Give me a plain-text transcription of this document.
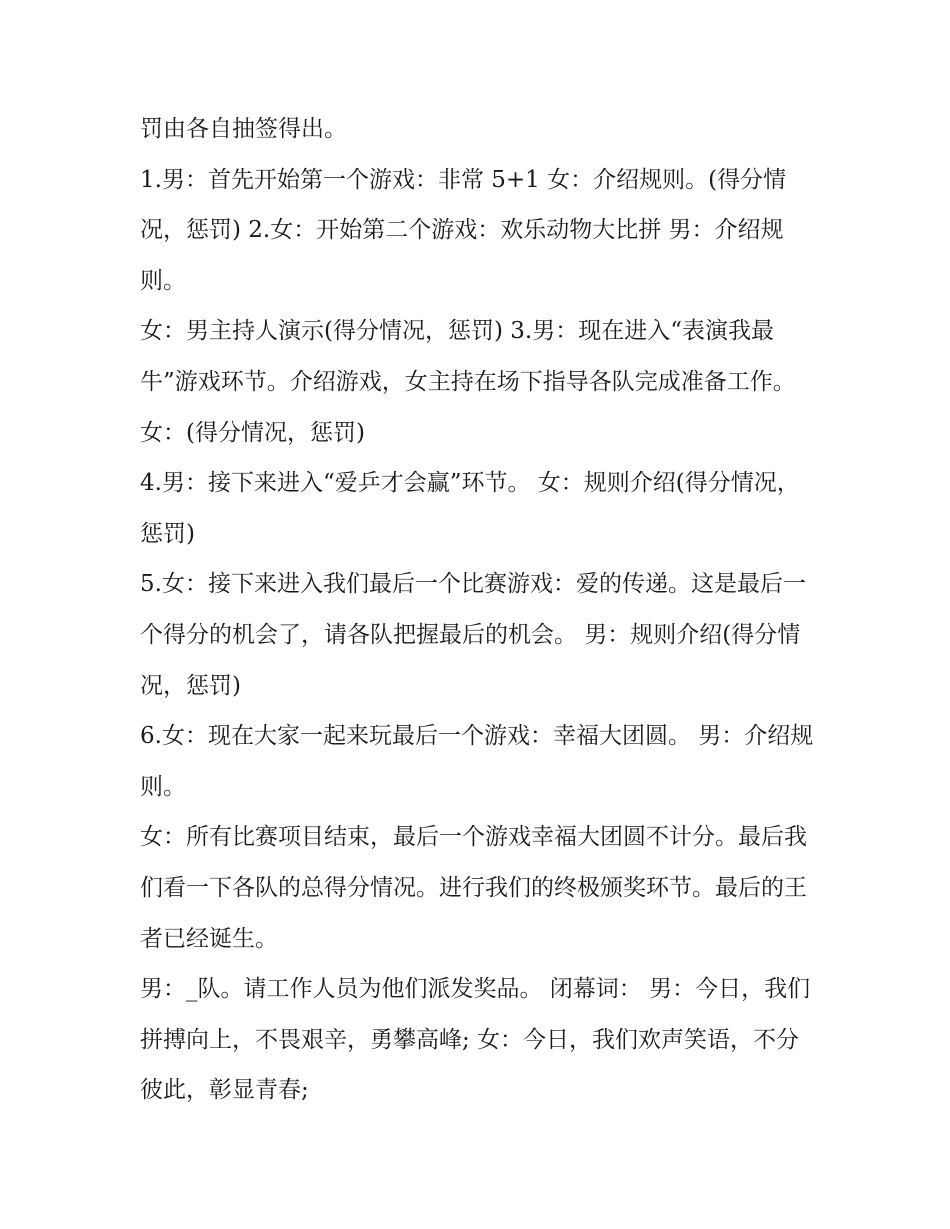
罚由各自抽签得出。

1.男：首先开始第一个游戏：非常 5+1 女：介绍规则。(得分情况，惩罚) 2.女：开始第二个游戏：欢乐动物大比拼 男：介绍规则。

女：男主持人演示(得分情况，惩罚) 3.男：现在进入“表演我最牛”游戏环节。介绍游戏，女主持在场下指导各队完成准备工作。 女：(得分情况，惩罚)

4.男：接下来进入“爱乒才会赢”环节。 女：规则介绍(得分情况，惩罚)

5.女：接下来进入我们最后一个比赛游戏：爱的传递。这是最后一个得分的机会了，请各队把握最后的机会。 男：规则介绍(得分情况，惩罚)

6.女：现在大家一起来玩最后一个游戏：幸福大团圆。 男：介绍规则。

女：所有比赛项目结束，最后一个游戏幸福大团圆不计分。最后我们看一下各队的总得分情况。进行我们的终极颁奖环节。最后的王者已经诞生。

男：_队。请工作人员为他们派发奖品。 闭幕词： 男：今日，我们拼搏向上，不畏艰辛，勇攀高峰; 女：今日，我们欢声笑语，不分彼此，彰显青春;
